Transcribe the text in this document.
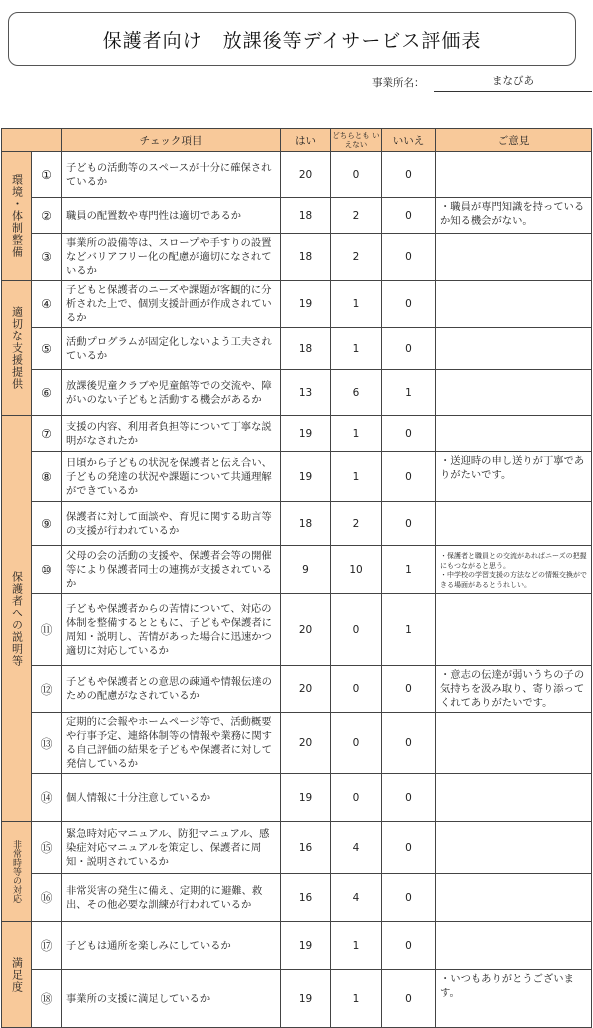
保護者向け　放課後等デイサービス評価表
事業所名：	まなびあ
		チェック項目	はい	どちらとも いえない	いいえ	ご意見
環境・体制整備	①	子どもの活動等のスペースが十分に確保されているか	20	0	0	
	②	職員の配置数や専門性は適切であるか	18	2	0	・職員が専門知識を持っているか知る機会がない。
	③	事業所の設備等は、スロープや手すりの設置などバリアフリー化の配慮が適切になされているか	18	2	0	
適切な支援提供	④	子どもと保護者のニーズや課題が客観的に分析された上で、個別支援計画が作成されているか	19	1	0	
	⑤	活動プログラムが固定化しないよう工夫されているか	18	1	0	
	⑥	放課後児童クラブや児童館等での交流や、障がいのない子どもと活動する機会があるか	13	6	1	
保護者への説明等	⑦	支援の内容、利用者負担等について丁寧な説明がなされたか	19	1	0	
	⑧	日頃から子どもの状況を保護者と伝え合い、子どもの発達の状況や課題について共通理解ができているか	19	1	0	・送迎時の申し送りが丁寧でありがたいです。
	⑨	保護者に対して面談や、育児に関する助言等の支援が行われているか	18	2	0	
	⑩	父母の会の活動の支援や、保護者会等の開催等により保護者同士の連携が支援されているか	9	10	1	・保護者と職員との交流があればニーズの把握にもつながると思う。
・中学校の学習支援の方法などの情報交換ができる場面があるとうれしい。
	⑪	子どもや保護者からの苦情について、対応の体制を整備するとともに、子どもや保護者に周知・説明し、苦情があった場合に迅速かつ適切に対応しているか	20	0	1	
	⑫	子どもや保護者との意思の疎通や情報伝達のための配慮がなされているか	20	0	0	・意志の伝達が弱いうちの子の気持ちを汲み取り、寄り添ってくれてありがたいです。
	⑬	定期的に会報やホームページ等で、活動概要や行事予定、連絡体制等の情報や業務に関する自己評価の結果を子どもや保護者に対して発信しているか	20	0	0	
	⑭	個人情報に十分注意しているか	19	0	0	
非常時等の対応	⑮	緊急時対応マニュアル、防犯マニュアル、感染症対応マニュアルを策定し、保護者に周知・説明されているか	16	4	0	
	⑯	非常災害の発生に備え、定期的に避難、救出、その他必要な訓練が行われているか	16	4	0	
満足度	⑰	子どもは通所を楽しみにしているか	19	1	0	
	⑱	事業所の支援に満足しているか	19	1	0	・いつもありがとうございます。
